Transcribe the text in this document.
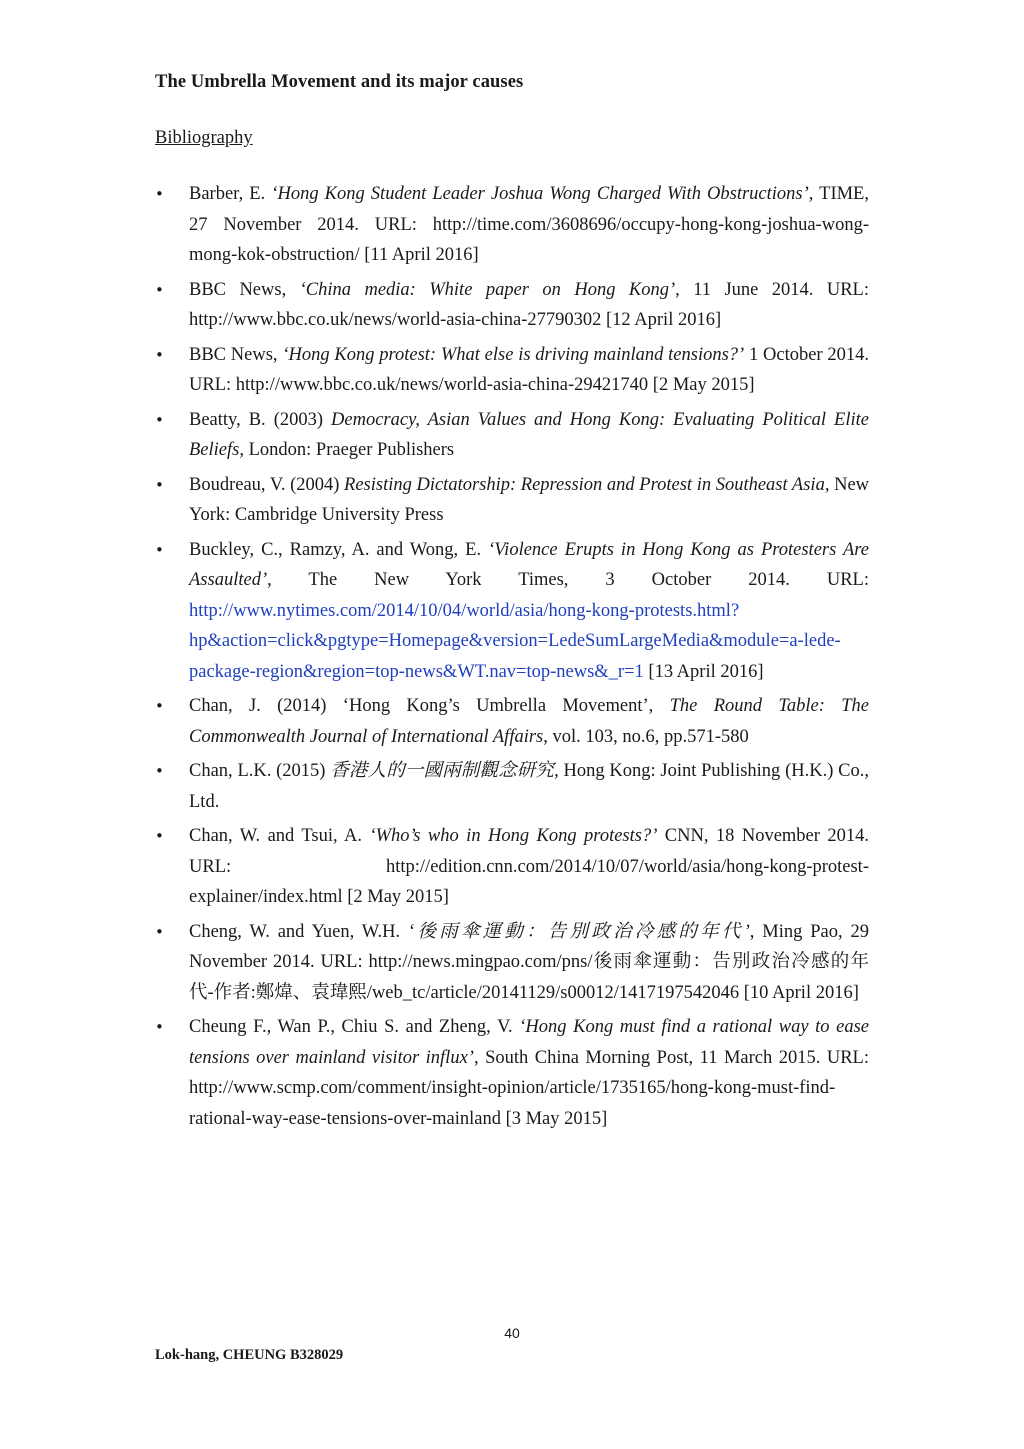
The Umbrella Movement and its major causes
Bibliography
• Barber, E. ‘Hong Kong Student Leader Joshua Wong Charged With Obstructions’, TIME, 27 November 2014. URL: http://time.com/3608696/occupy-hong-kong-joshua-wong-mong-kok-obstruction/ [11 April 2016]
• BBC News, ‘China media: White paper on Hong Kong’, 11 June 2014. URL: http://www.bbc.co.uk/news/world-asia-china-27790302 [12 April 2016]
• BBC News, ‘Hong Kong protest: What else is driving mainland tensions?’ 1 October 2014. URL: http://www.bbc.co.uk/news/world-asia-china-29421740 [2 May 2015]
• Beatty, B. (2003) Democracy, Asian Values and Hong Kong: Evaluating Political Elite Beliefs, London: Praeger Publishers
• Boudreau, V. (2004) Resisting Dictatorship: Repression and Protest in Southeast Asia, New York: Cambridge University Press
• Buckley, C., Ramzy, A. and Wong, E. ‘Violence Erupts in Hong Kong as Protesters Are Assaulted’, The New York Times, 3 October 2014. URL: http://www.nytimes.com/2014/10/04/world/asia/hong-kong-protests.html?hp&action=click&pgtype=Homepage&version=LedeSumLargeMedia&module=a-lede-package-region&region=top-news&WT.nav=top-news&_r=1 [13 April 2016]
• Chan, J. (2014) ‘Hong Kong’s Umbrella Movement’, The Round Table: The Commonwealth Journal of International Affairs, vol. 103, no.6, pp.571-580
• Chan, L.K. (2015) 香港人的一國兩制觀念研究, Hong Kong: Joint Publishing (H.K.) Co., Ltd.
• Chan, W. and Tsui, A. ‘Who’s who in Hong Kong protests?’ CNN, 18 November 2014. URL: http://edition.cnn.com/2014/10/07/world/asia/hong-kong-protest-explainer/index.html [2 May 2015]
• Cheng, W. and Yuen, W.H. ‘後雨傘運動：告別政治冷感的年代’, Ming Pao, 29 November 2014. URL: http://news.mingpao.com/pns/後雨傘運動：告別政治冷感的年代-作者:鄭煒、袁瑋熙/web_tc/article/20141129/s00012/1417197542046 [10 April 2016]
• Cheung F., Wan P., Chiu S. and Zheng, V. ‘Hong Kong must find a rational way to ease tensions over mainland visitor influx’, South China Morning Post, 11 March 2015. URL: http://www.scmp.com/comment/insight-opinion/article/1735165/hong-kong-must-find-rational-way-ease-tensions-over-mainland [3 May 2015]
40
Lok-hang, CHEUNG B328029
